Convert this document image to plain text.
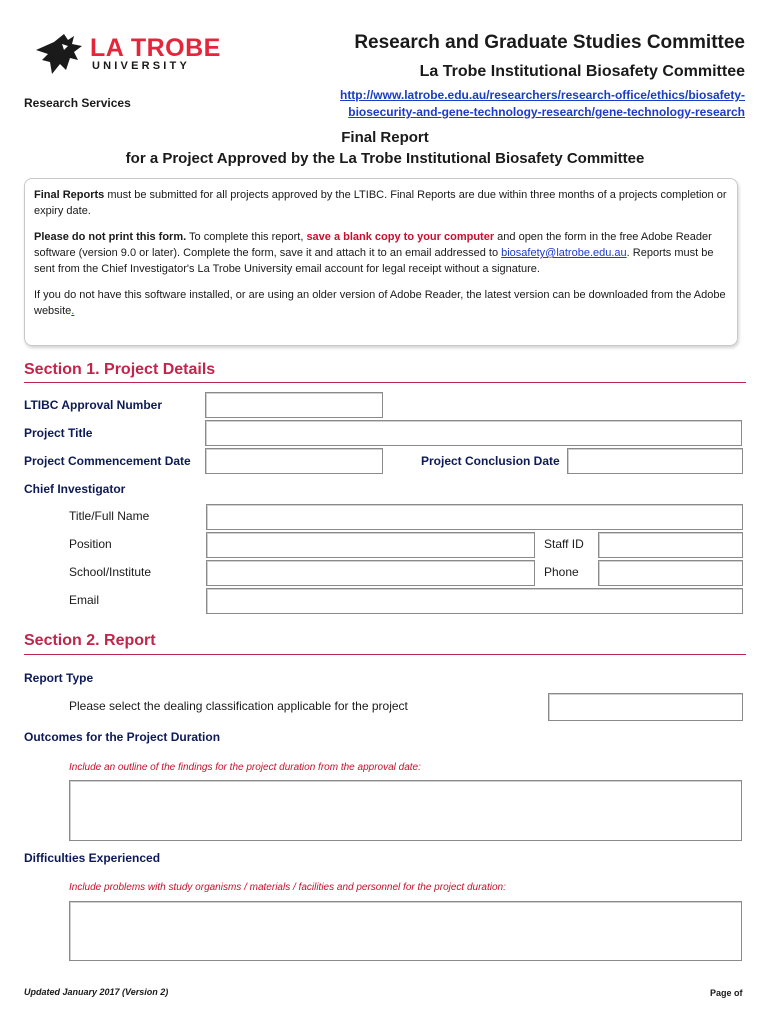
LA TROBE
UNIVERSITY
Research Services
Research and Graduate Studies Committee
La Trobe Institutional Biosafety Committee
http://www.latrobe.edu.au/researchers/research-office/ethics/biosafety-
biosecurity-and-gene-technology-research/gene-technology-research
Final Report
for a Project Approved by the La Trobe Institutional Biosafety Committee

Final Reports must be submitted for all projects approved by the LTIBC. Final Reports are due within three months of a projects completion or expiry date.

Please do not print this form. To complete this report, save a blank copy to your computer and open the form in the free Adobe Reader software (version 9.0 or later). Complete the form, save it and attach it to an email addressed to biosafety@latrobe.edu.au. Reports must be sent from the Chief Investigator's La Trobe University email account for legal receipt without a signature.

If you do not have this software installed, or are using an older version of Adobe Reader, the latest version can be downloaded from the Adobe website.

Section 1. Project Details
LTIBC Approval Number
Project Title
Project Commencement Date	Project Conclusion Date
Chief Investigator
Title/Full Name
Position	Staff ID
School/Institute	Phone
Email
Section 2. Report
Report Type
Please select the dealing classification applicable for the project
Outcomes for the Project Duration
Include an outline of the findings for the project duration from the approval date:
Difficulties Experienced
Include problems with study organisms / materials / facilities and personnel for the project duration:
Updated January 2017 (Version 2)	Page of
